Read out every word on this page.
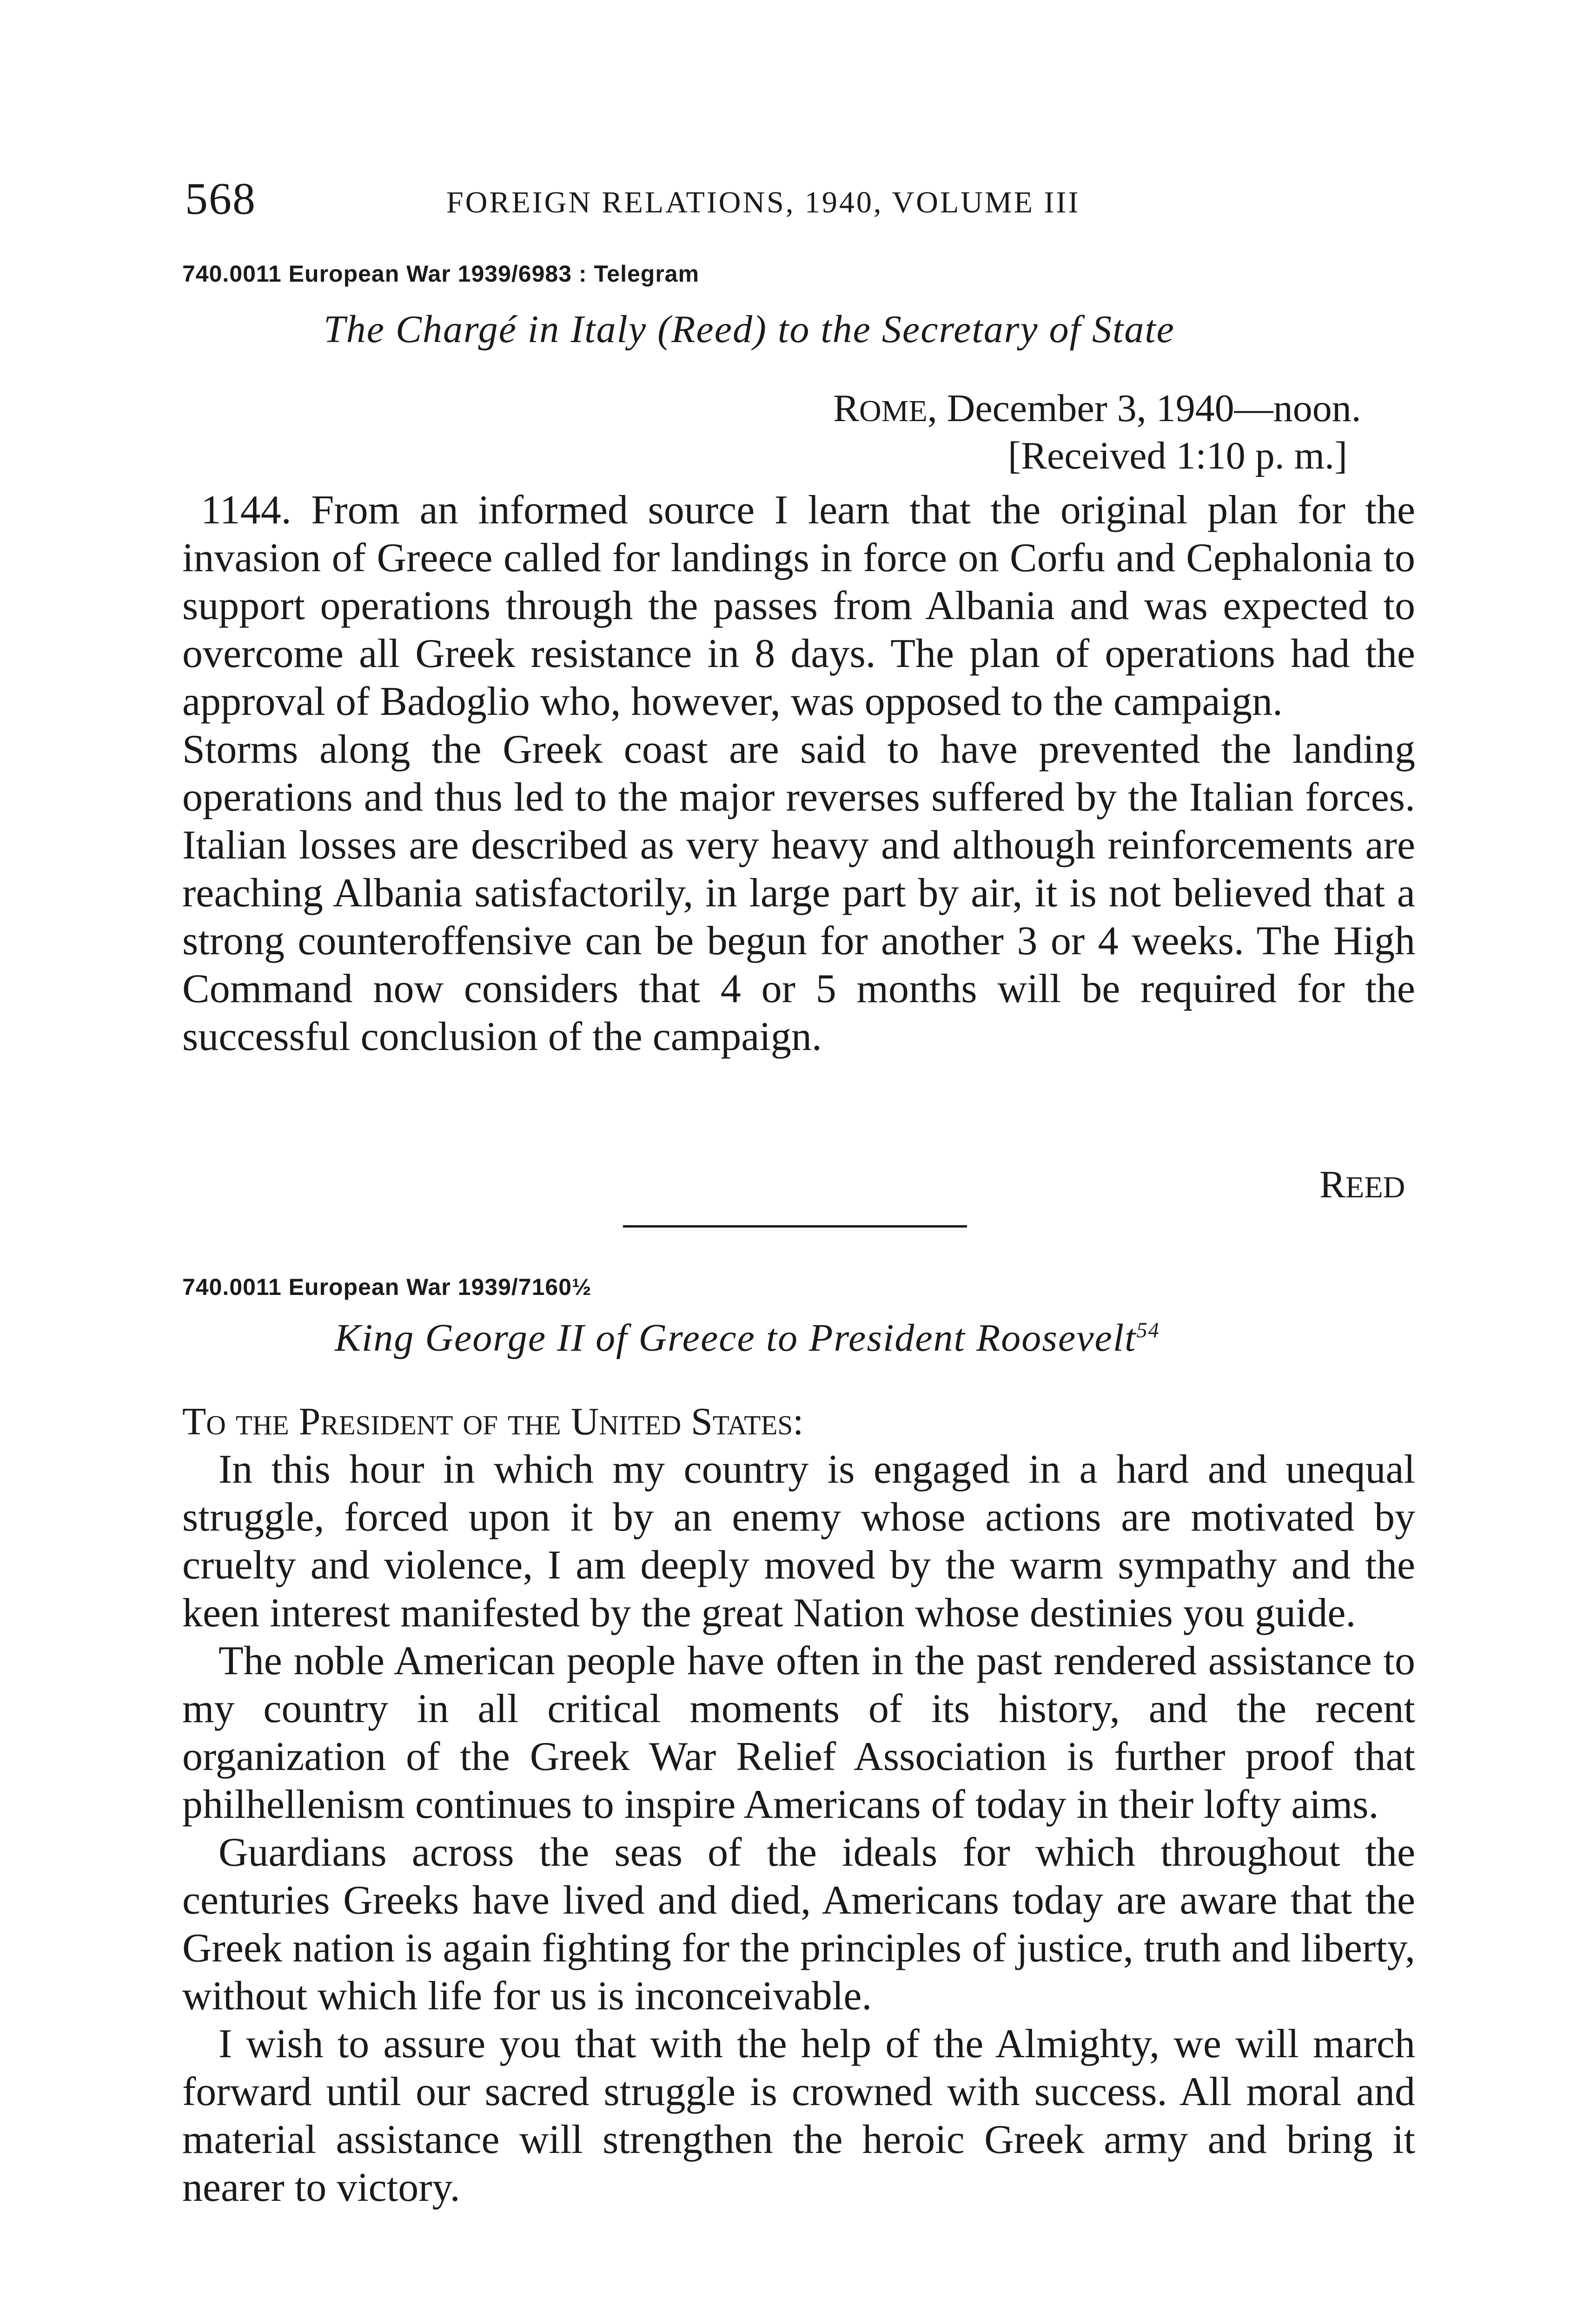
568	FOREIGN RELATIONS, 1940, VOLUME III
740.0011 European War 1939/6983 : Telegram
The Chargé in Italy (Reed) to the Secretary of State
ROME, December 3, 1940—noon.
[Received 1:10 p. m.]

1144. From an informed source I learn that the original plan for the invasion of Greece called for landings in force on Corfu and Cephalonia to support operations through the passes from Albania and was expected to overcome all Greek resistance in 8 days. The plan of operations had the approval of Badoglio who, however, was opposed to the campaign.

Storms along the Greek coast are said to have prevented the landing operations and thus led to the major reverses suffered by the Italian forces. Italian losses are described as very heavy and although reinforcements are reaching Albania satisfactorily, in large part by air, it is not believed that a strong counteroffensive can be begun for another 3 or 4 weeks. The High Command now considers that 4 or 5 months will be required for the successful conclusion of the campaign.

REED
740.0011 European War 1939/7160½
King George II of Greece to President Roosevelt$^{54}$
To the President of the United States:

In this hour in which my country is engaged in a hard and unequal struggle, forced upon it by an enemy whose actions are motivated by cruelty and violence, I am deeply moved by the warm sympathy and the keen interest manifested by the great Nation whose destinies you guide.

The noble American people have often in the past rendered assistance to my country in all critical moments of its history, and the recent organization of the Greek War Relief Association is further proof that philhellenism continues to inspire Americans of today in their lofty aims.

Guardians across the seas of the ideals for which throughout the centuries Greeks have lived and died, Americans today are aware that the Greek nation is again fighting for the principles of justice, truth and liberty, without which life for us is inconceivable.

I wish to assure you that with the help of the Almighty, we will march forward until our sacred struggle is crowned with success. All moral and material assistance will strengthen the heroic Greek army and bring it nearer to victory.
